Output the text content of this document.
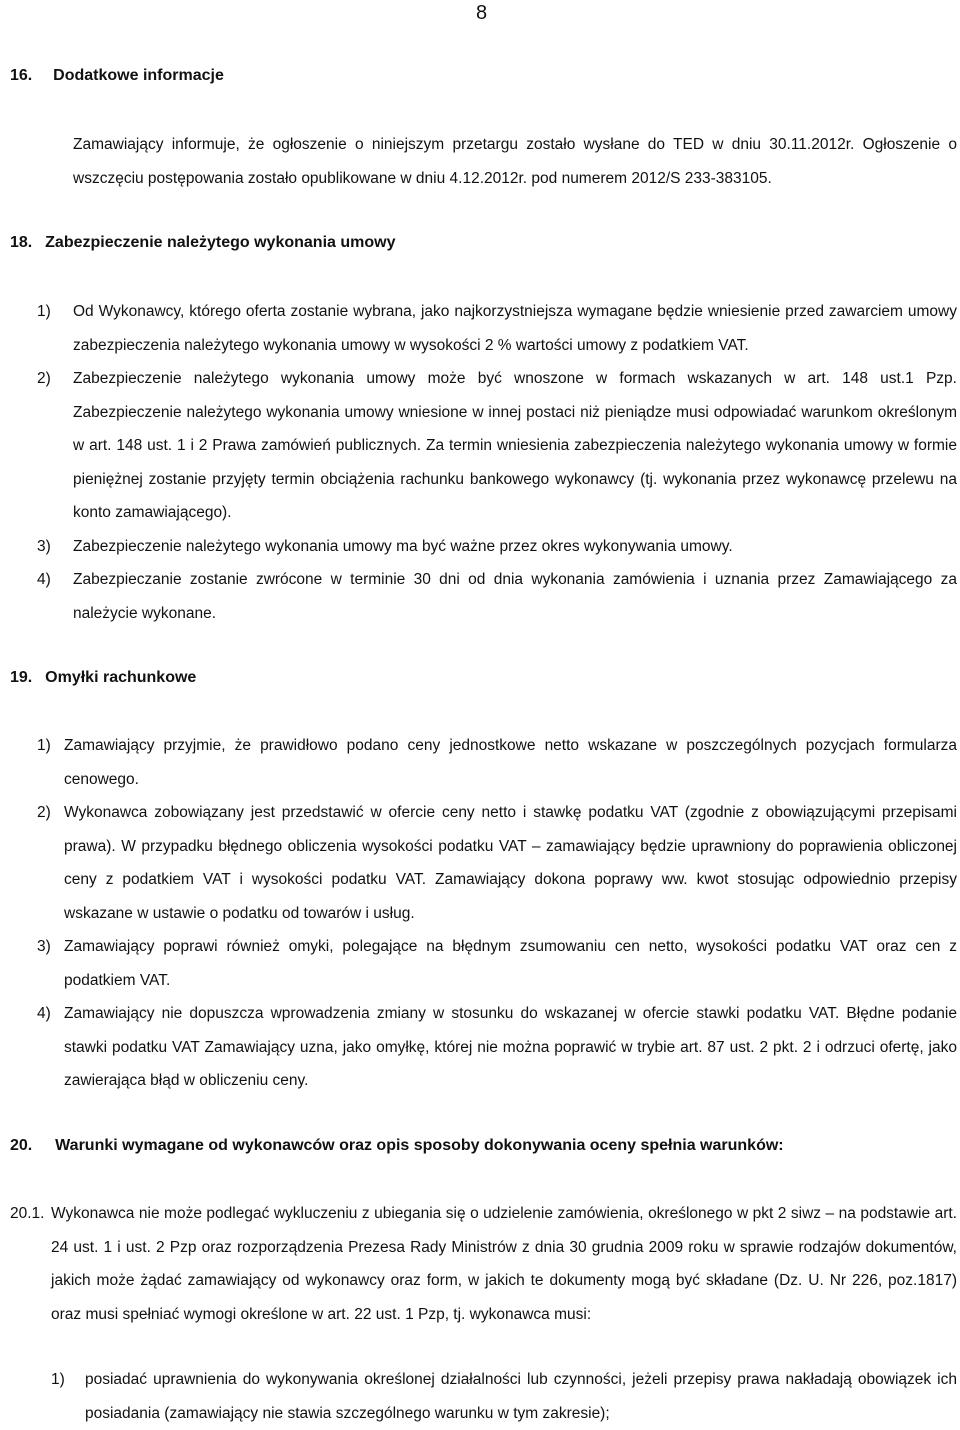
8
16. Dodatkowe informacje
Zamawiający informuje, że ogłoszenie o niniejszym przetargu zostało wysłane do TED w dniu 30.11.2012r. Ogłoszenie o wszczęciu postępowania zostało opublikowane w dniu 4.12.2012r. pod numerem 2012/S 233-383105.
18. Zabezpieczenie należytego wykonania umowy
1) Od Wykonawcy, którego oferta zostanie wybrana, jako najkorzystniejsza wymagane będzie wniesienie przed zawarciem umowy zabezpieczenia należytego wykonania umowy w wysokości 2 % wartości umowy z podatkiem VAT.
2) Zabezpieczenie należytego wykonania umowy może być wnoszone w formach wskazanych w art. 148 ust.1 Pzp. Zabezpieczenie należytego wykonania umowy wniesione w innej postaci niż pieniądze musi odpowiadać warunkom określonym w art. 148 ust. 1 i 2 Prawa zamówień publicznych. Za termin wniesienia zabezpieczenia należytego wykonania umowy w formie pieniężnej zostanie przyjęty termin obciążenia rachunku bankowego wykonawcy (tj. wykonania przez wykonawcę przelewu na konto zamawiającego).
3) Zabezpieczenie należytego wykonania umowy ma być ważne przez okres wykonywania umowy.
4) Zabezpieczanie zostanie zwrócone w terminie 30 dni od dnia wykonania zamówienia i uznania przez Zamawiającego za należycie wykonane.
19. Omyłki rachunkowe
1) Zamawiający przyjmie, że prawidłowo podano ceny jednostkowe netto wskazane w poszczególnych pozycjach formularza cenowego.
2) Wykonawca zobowiązany jest przedstawić w ofercie ceny netto i stawkę podatku VAT (zgodnie z obowiązującymi przepisami prawa). W przypadku błędnego obliczenia wysokości podatku VAT – zamawiający będzie uprawniony do poprawienia obliczonej ceny z podatkiem VAT i wysokości podatku VAT. Zamawiający dokona poprawy ww. kwot stosując odpowiednio przepisy wskazane w ustawie o podatku od towarów i usług.
3) Zamawiający poprawi również omyki, polegające na błędnym zsumowaniu cen netto, wysokości podatku VAT oraz cen z podatkiem VAT.
4) Zamawiający nie dopuszcza wprowadzenia zmiany w stosunku do wskazanej w ofercie stawki podatku VAT. Błędne podanie stawki podatku VAT Zamawiający uzna, jako omyłkę, której nie można poprawić w trybie art. 87 ust. 2 pkt. 2 i odrzuci ofertę, jako zawierająca błąd w obliczeniu ceny.
20. Warunki wymagane od wykonawców oraz opis sposoby dokonywania oceny spełnia warunków:
20.1. Wykonawca nie może podlegać wykluczeniu z ubiegania się o udzielenie zamówienia, określonego w pkt 2 siwz – na podstawie art. 24 ust. 1 i ust. 2 Pzp oraz rozporządzenia Prezesa Rady Ministrów z dnia 30 grudnia 2009 roku w sprawie rodzajów dokumentów, jakich może żądać zamawiający od wykonawcy oraz form, w jakich te dokumenty mogą być składane (Dz. U. Nr 226, poz.1817) oraz musi spełniać wymogi określone w art. 22 ust. 1 Pzp, tj. wykonawca musi:
1) posiadać uprawnienia do wykonywania określonej działalności lub czynności, jeżeli przepisy prawa nakładają obowiązek ich posiadania (zamawiający nie stawia szczególnego warunku w tym zakresie);
